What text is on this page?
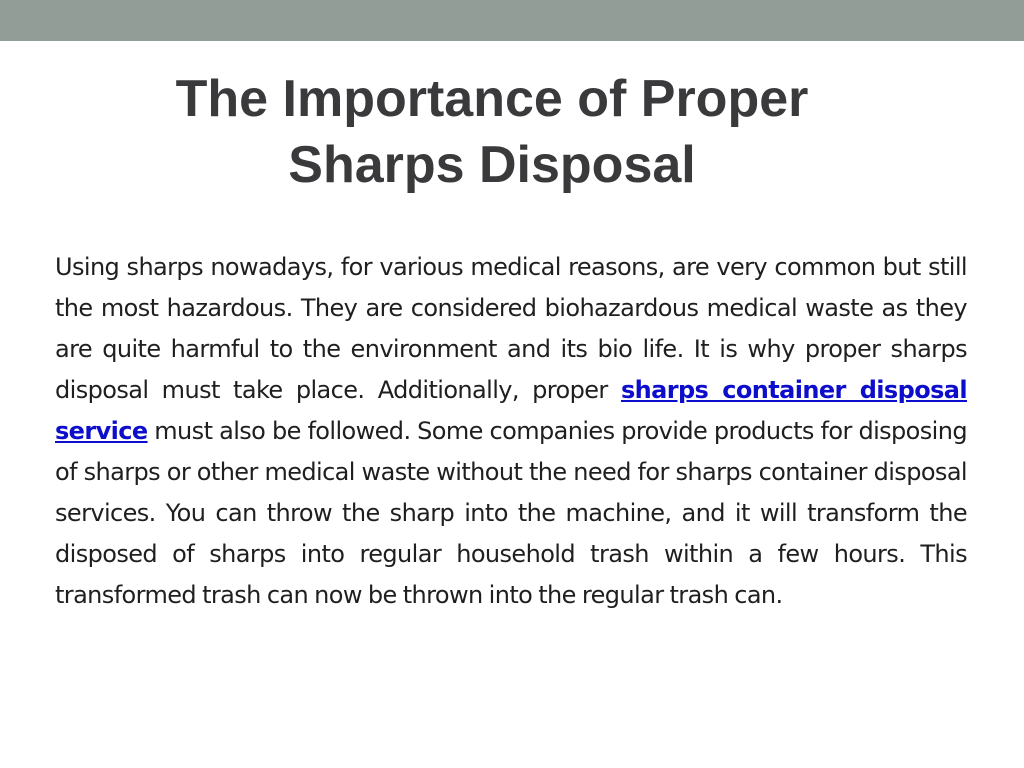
The Importance of Proper
Sharps Disposal

Using sharps nowadays, for various medical reasons, are very common but still the most hazardous. They are considered biohazardous medical waste as they are quite harmful to the environment and its bio life. It is why proper sharps disposal must take place. Additionally, proper sharps container disposal service must also be followed. Some companies provide products for disposing of sharps or other medical waste without the need for sharps container disposal services. You can throw the sharp into the machine, and it will transform the disposed of sharps into regular household trash within a few hours. This transformed trash can now be thrown into the regular trash can.
